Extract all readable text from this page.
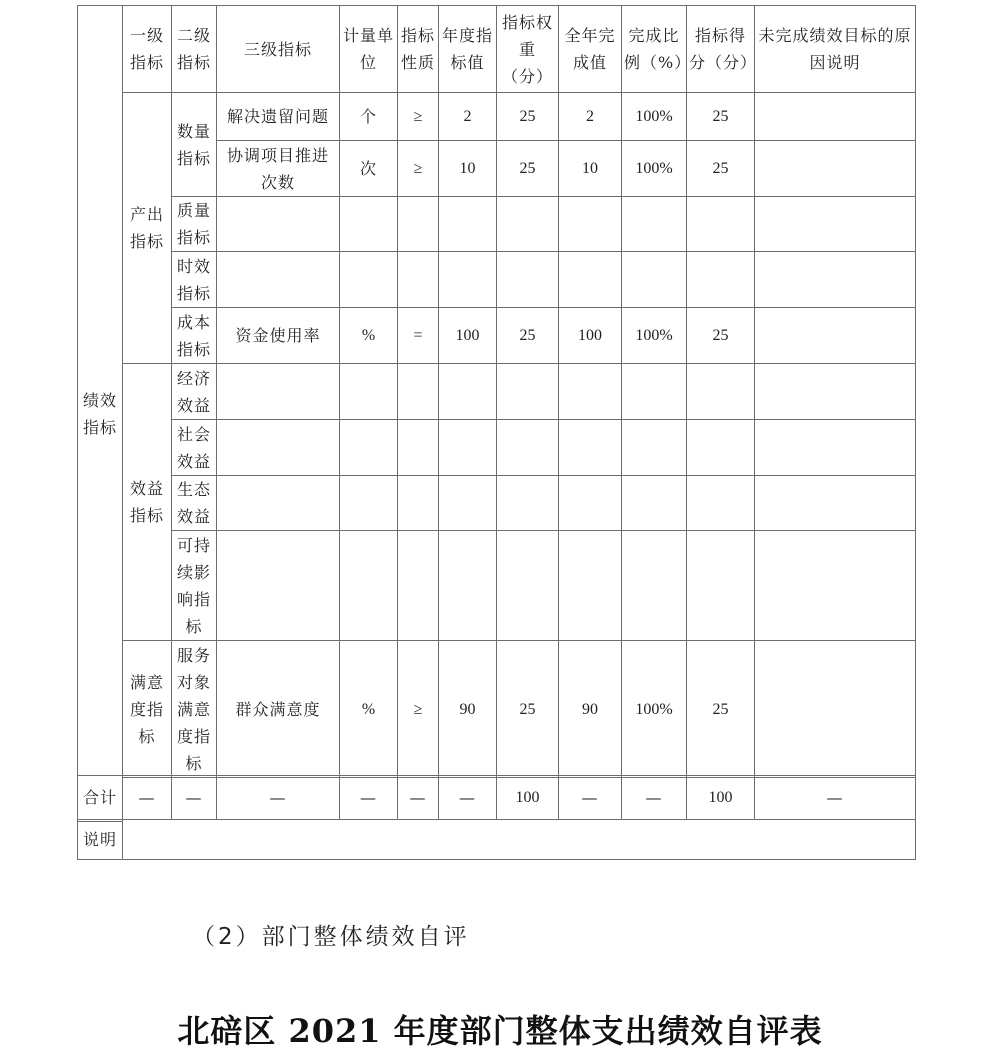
绩效指标	一级指标	二级指标	三级指标	计量单位	指标性质	年度指标值	指标权重（分）	全年完成值	完成比例（%）	指标得分（分）	未完成绩效目标的原因说明
	产出指标	数量指标	解决遗留问题	个	≥	2	25	2	100%	25	
			协调项目推进次数	次	≥	10	25	10	100%	25	
		质量指标									
		时效指标									
		成本指标	资金使用率	%	=	100	25	100	100%	25	

	效益指标	经济效益									
		社会效益									
		生态效益									
		可持续影响指标									
	满意度指标	服务对象满意度指标	群众满意度	%	≥	90	25	90	100%	25	

合计	—	—	—	—	—	—	100	—	—	100	—
说明											
（2）部门整体绩效自评
北碚区 2021 年度部门整体支出绩效自评表
